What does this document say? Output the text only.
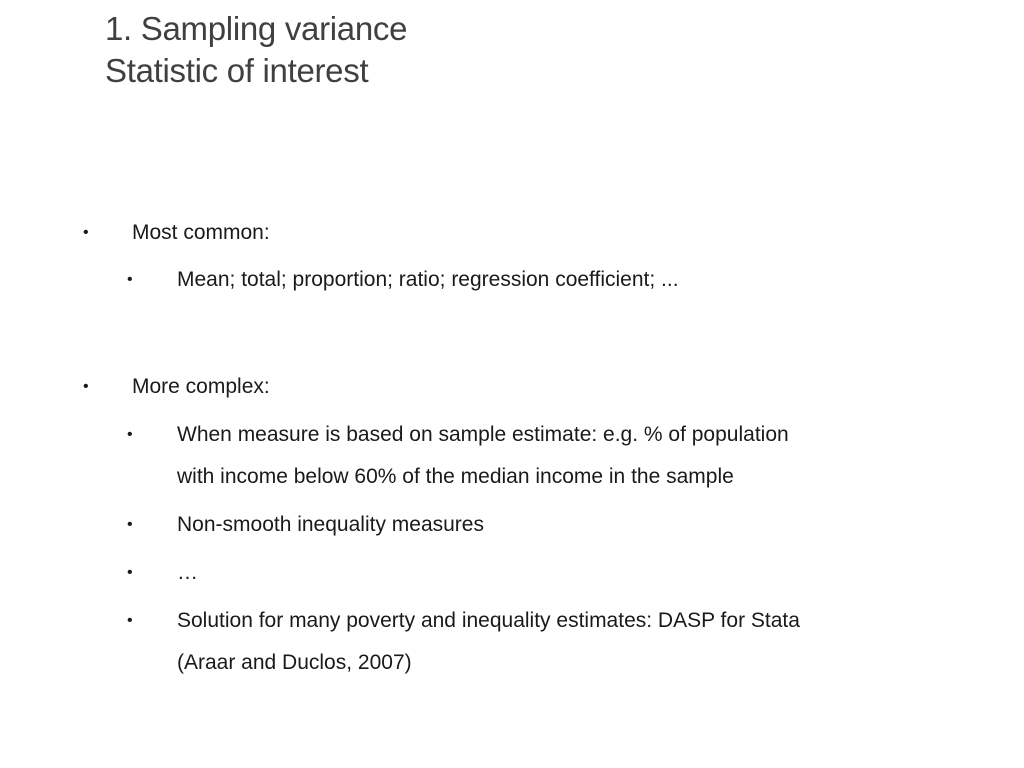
1. Sampling variance
Statistic of interest
• Most common:
• Mean; total; proportion; ratio; regression coefficient; ...
• More complex:
• When measure is based on sample estimate: e.g. % of population
with income below 60% of the median income in the sample
• Non-smooth inequality measures
• …
• Solution for many poverty and inequality estimates: DASP for Stata
(Araar and Duclos, 2007)
